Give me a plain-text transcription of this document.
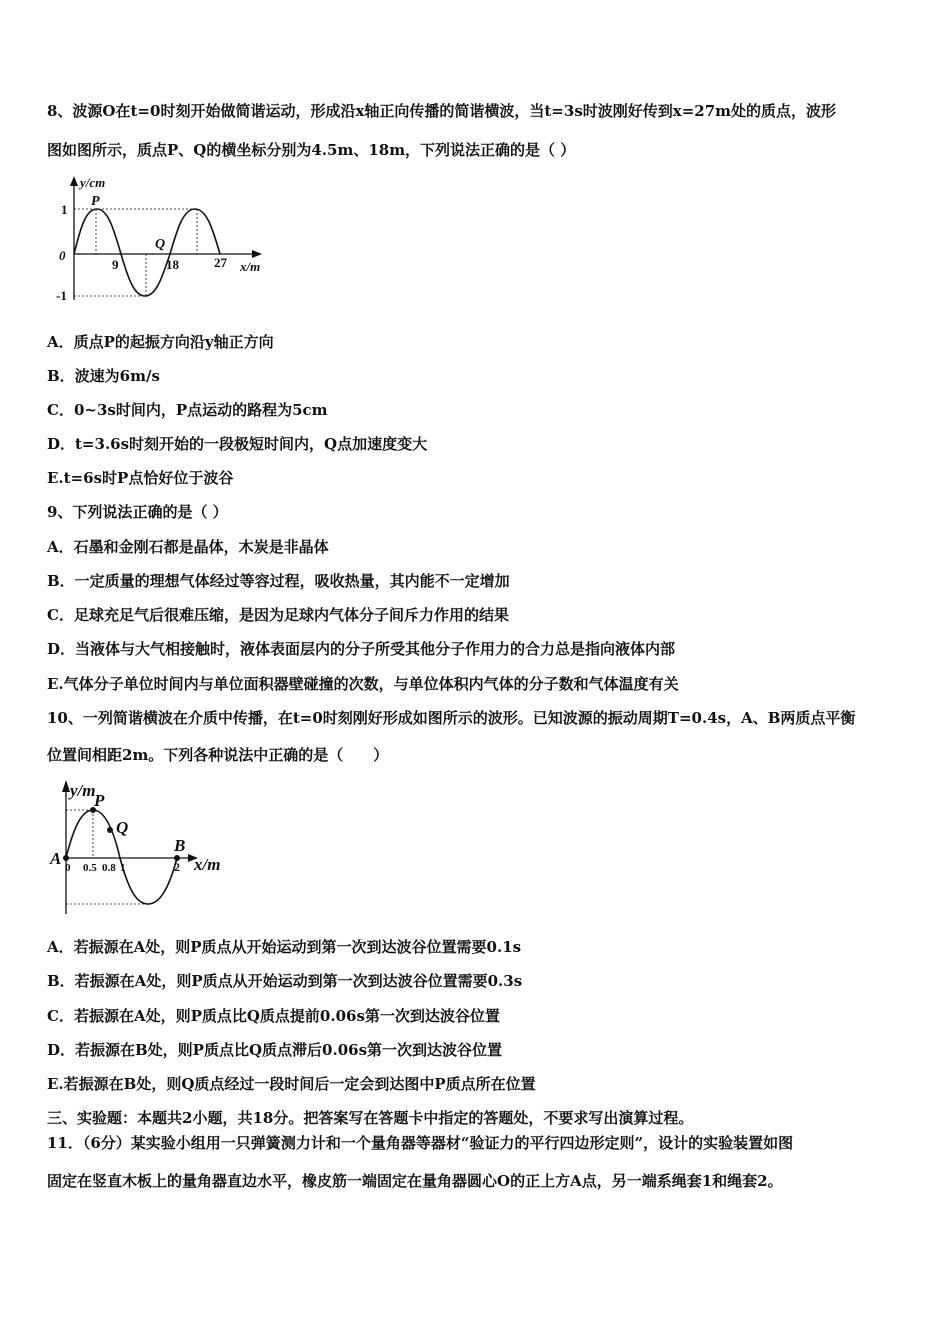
8、波源O在t=0时刻开始做简谐运动，形成沿x轴正向传播的简谐横波，当t=3s时波刚好传到x=27m处的质点，波形
图如图所示，质点P、Q的横坐标分别为4.5m、18m，下列说法正确的是（ ）
y/cm
1
-1
0
P
Q
9	18	27 x/m
A．质点P的起振方向沿y轴正方向
B．波速为6m/s
C．0~3s时间内，P点运动的路程为5cm
D．t=3.6s时刻开始的一段极短时间内，Q点加速度变大
E.t=6s时P点恰好位于波谷
9、下列说法正确的是（ ）
A．石墨和金刚石都是晶体，木炭是非晶体
B．一定质量的理想气体经过等容过程，吸收热量，其内能不一定增加
C．足球充足气后很难压缩，是因为足球内气体分子间斥力作用的结果
D．当液体与大气相接触时，液体表面层内的分子所受其他分子作用力的合力总是指向液体内部
E.气体分子单位时间内与单位面积器壁碰撞的次数，与单位体积内气体的分子数和气体温度有关
10、一列简谐横波在介质中传播，在t=0时刻刚好形成如图所示的波形。已知波源的振动周期T=0.4s，A、B两质点平衡
位置间相距2m。下列各种说法中正确的是（　　）
y/m
P
Q
A
B
0 0.5 0.8 1	2 x/m
A．若振源在A处，则P质点从开始运动到第一次到达波谷位置需要0.1s
B．若振源在A处，则P质点从开始运动到第一次到达波谷位置需要0.3s
C．若振源在A处，则P质点比Q质点提前0.06s第一次到达波谷位置
D．若振源在B处，则P质点比Q质点滞后0.06s第一次到达波谷位置
E.若振源在B处，则Q质点经过一段时间后一定会到达图中P质点所在位置
三、实验题：本题共2小题，共18分。把答案写在答题卡中指定的答题处，不要求写出演算过程。
11．（6分）某实验小组用一只弹簧测力计和一个量角器等器材“验证力的平行四边形定则”，设计的实验装置如图
固定在竖直木板上的量角器直边水平，橡皮筋一端固定在量角器圆心O的正上方A点，另一端系绳套1和绳套2。
